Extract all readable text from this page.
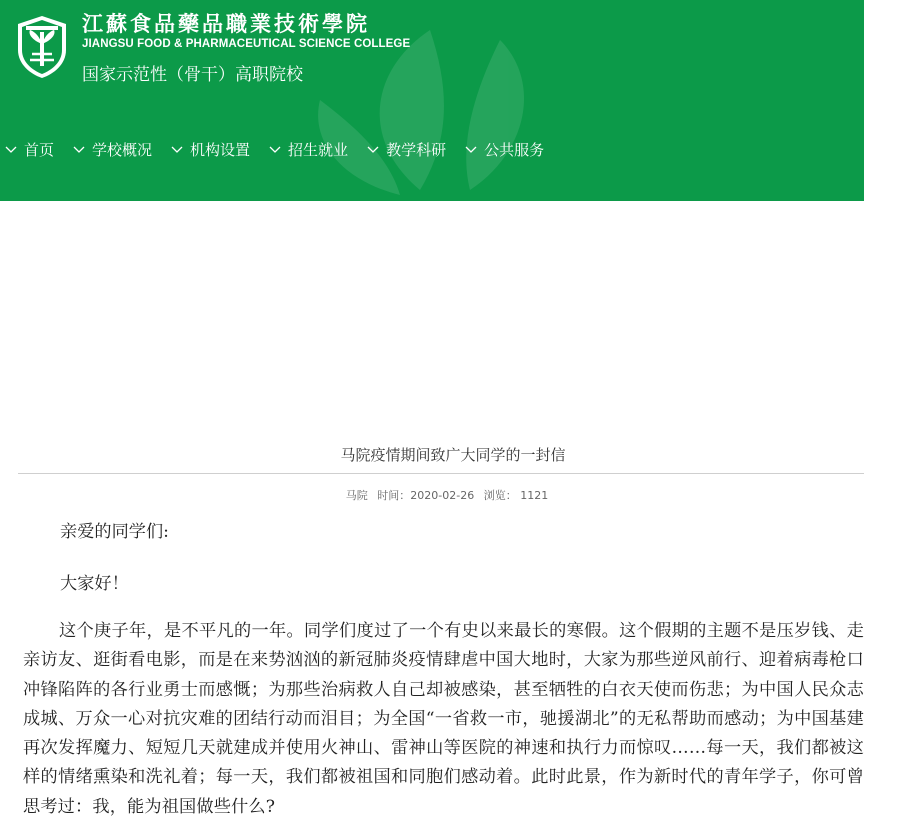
江蘇食品藥品職業技術學院
JIANGSU FOOD & PHARMACEUTICAL SCIENCE COLLEGE
国家示范性（骨干）高职院校
首页	学校概况	机构设置	招生就业	教学科研	公共服务
马院疫情期间致广大同学的一封信
马院 时间：2020-02-26 浏览： 1121

亲爱的同学们:

大家好！

这个庚子年，是不平凡的一年。同学们度过了一个有史以来最长的寒假。这个假期的主题不是压岁钱、走亲访友、逛街看电影，而是在来势汹汹的新冠肺炎疫情肆虐中国大地时，大家为那些逆风前行、迎着病毒枪口冲锋陷阵的各行业勇士而感慨；为那些治病救人自己却被感染，甚至牺牲的白衣天使而伤悲；为中国人民众志成城、万众一心对抗灾难的团结行动而泪目；为全国“一省救一市，驰援湖北”的无私帮助而感动；为中国基建再次发挥魔力、短短几天就建成并使用火神山、雷神山等医院的神速和执行力而惊叹……每一天，我们都被这样的情绪熏染和洗礼着；每一天，我们都被祖国和同胞们感动着。此时此景，作为新时代的青年学子，你可曾思考过：我，能为祖国做些什么?
